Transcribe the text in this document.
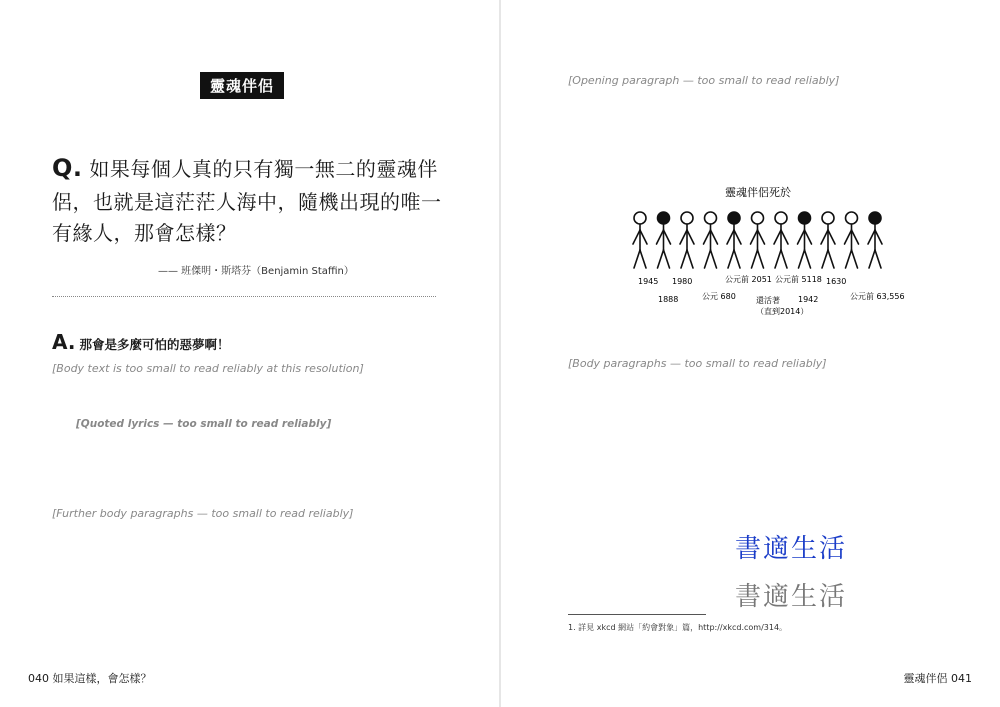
靈魂伴侶
Q. 如果每個人真的只有獨一無二的靈魂伴侶，也就是這茫茫人海中，隨機出現的唯一有緣人，那會怎樣？
—— 班傑明・斯塔芬（Benjamin Staffin）
A. 那會是多麼可怕的惡夢啊！
[Body text is too small to read reliably at this resolution]
[Quoted lyrics — too small to read reliably]
[Further body paragraphs — too small to read reliably]
040 如果這樣，會怎樣？
[Opening paragraph — too small to read reliably]
靈魂伴侶死於
1945 1980	公元前 2051 公元前 5118 1630
1888	公元 680	還活著
（直到2014）
1942	公元前 63,556
[Body paragraphs — too small to read reliably]
書適生活
書適生活
1. 詳見 xkcd 網站「約會對象」篇，http://xkcd.com/314。
靈魂伴侶 041
